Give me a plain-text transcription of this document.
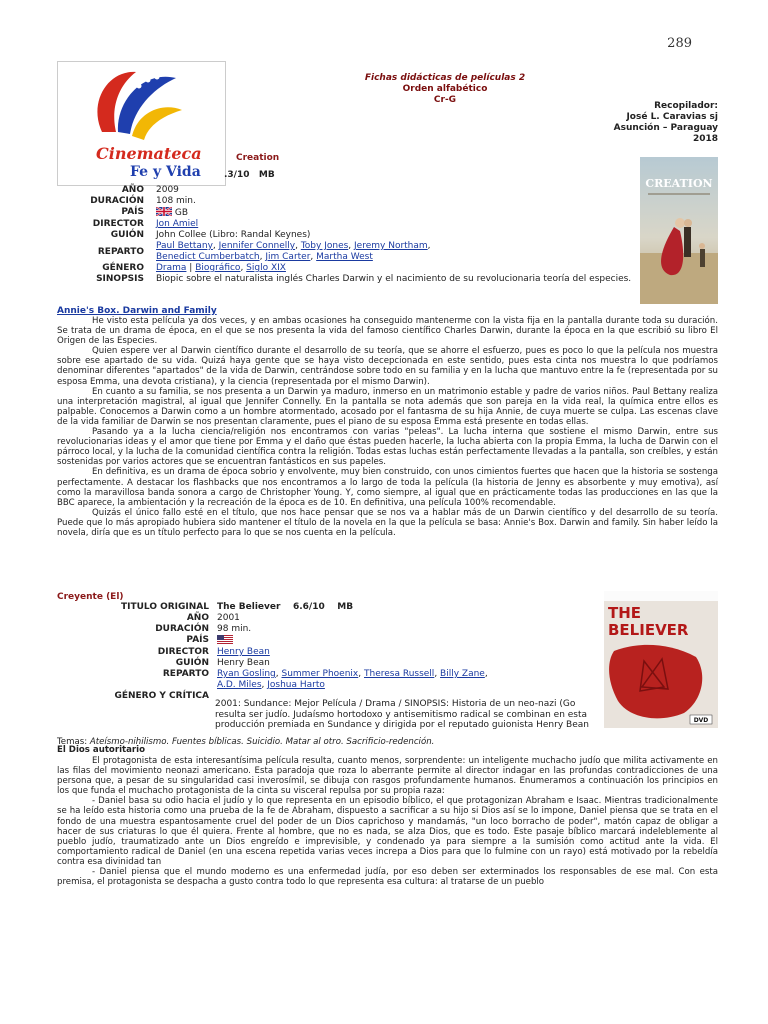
289
Cinemateca
Fe y Vida
Fichas didácticas de películas 2
Orden alfabético
Cr-G
Recopilador:
José L. Caravias sj
Asunción – Paraguay
2018
Creation
.3/10 MB
AÑO	2009
DURACIÓN	108 min.
PAÍS	GB
DIRECTOR	Jon Amiel
GUIÓN	John Collee (Libro: Randal Keynes)
REPARTO	Paul Bettany, Jennifer Connelly, Toby Jones, Jeremy Northam,
Benedict Cumberbatch, Jim Carter, Martha West
GÉNERO	Drama | Biográfico, Siglo XIX
SINOPSIS	Biopic sobre el naturalista inglés Charles Darwin y el nacimiento de su revolucionaria teoría del especies.
CREATION
Annie's Box. Darwin and Family

He visto esta película ya dos veces, y en ambas ocasiones ha conseguido mantenerme con la vista fija en la pantalla durante toda su duración. Se trata de un drama de época, en el que se nos presenta la vida del famoso científico Charles Darwin, durante la época en la que escribió su libro El Origen de las Especies.

Quien espere ver al Darwin científico durante el desarrollo de su teoría, que se ahorre el esfuerzo, pues es poco lo que la película nos muestra sobre ese apartado de su vida. Quizá haya gente que se haya visto decepcionada en este sentido, pues esta cinta nos muestra lo que podríamos denominar diferentes "apartados" de la vida de Darwin, centrándose sobre todo en su familia y en la lucha que mantuvo entre la fe (representada por su esposa Emma, una devota cristiana), y la ciencia (representada por el mismo Darwin).

En cuanto a su familia, se nos presenta a un Darwin ya maduro, inmerso en un matrimonio estable y padre de varios niños. Paul Bettany realiza una interpretación magistral, al igual que Jennifer Connelly. En la pantalla se nota además que son pareja en la vida real, la química entre ellos es palpable. Conocemos a Darwin como a un hombre atormentado, acosado por el fantasma de su hija Annie, de cuya muerte se culpa. Las escenas clave de la vida familiar de Darwin se nos presentan claramente, pues el piano de su esposa Emma está presente en todas ellas.

Pasando ya a la lucha ciencia/religión nos encontramos con varias "peleas". La lucha interna que sostiene el mismo Darwin, entre sus revolucionarias ideas y el amor que tiene por Emma y el daño que éstas pueden hacerle, la lucha abierta con la propia Emma, la lucha de Darwin con el párroco local, y la lucha de la comunidad científica contra la religión. Todas estas luchas están perfectamente llevadas a la pantalla, son creíbles, y están sostenidas por varios actores que se encuentran fantásticos en sus papeles.

En definitiva, es un drama de época sobrio y envolvente, muy bien construido, con unos cimientos fuertes que hacen que la historia se sostenga perfectamente. A destacar los flashbacks que nos encontramos a lo largo de toda la película (la historia de Jenny es absorbente y muy emotiva), así como la maravillosa banda sonora a cargo de Christopher Young. Y, como siempre, al igual que en prácticamente todas las producciones en las que la BBC aparece, la ambientación y la recreación de la época es de 10. En definitiva, una película 100% recomendable.

Quizás el único fallo esté en el título, que nos hace pensar que se nos va a hablar más de un Darwin científico y del desarrollo de su teoría. Puede que lo más apropiado hubiera sido mantener el título de la novela en la que la película se basa: Annie's Box. Darwin and family. Sin haber leído la novela, diría que es un título perfecto para lo que se nos cuenta en la película.

Creyente (El)
TITULO ORIGINAL	The Believer 6.6/10 MB
AÑO	2001
DURACIÓN	98 min.
PAÍS	
DIRECTOR	Henry Bean
GUIÓN	Henry Bean
REPARTO	Ryan Gosling, Summer Phoenix, Theresa Russell, Billy Zane,
A.D. Miles, Joshua Harto
GÉNERO Y CRÍTICA	
2001: Sundance: Mejor Película / Drama / SINOPSIS: Historia de un neo-nazi (Go resulta ser judío. Judaísmo hortodoxo y antisemitismo radical se combinan en esta producción premiada en Sundance y dirigida por el reputado guionista Henry Bean
THE
BELIEVER
DVD
Temas: Ateísmo-nihilismo. Fuentes bíblicas. Suicidio. Matar al otro. Sacrificio-redención.
El Dios autoritario

El protagonista de esta interesantísima película resulta, cuanto menos, sorprendente: un inteligente muchacho judío que milita activamente en las filas del movimiento neonazi americano. Esta paradoja que roza lo aberrante permite al director indagar en las profundas contradicciones de una persona que, a pesar de su singularidad casi inverosímil, se dibuja con rasgos profundamente humanos. Enumeramos a continuación los principios en los que funda el muchacho protagonista de la cinta su visceral repulsa por su propia raza:

- Daniel basa su odio hacia el judío y lo que representa en un episodio bíblico, el que protagonizan Abraham e Isaac. Mientras tradicionalmente se ha leído esta historia como una prueba de la fe de Abraham, dispuesto a sacrificar a su hijo si Dios así se lo impone, Daniel piensa que se trata en el fondo de una muestra espantosamente cruel del poder de un Dios caprichoso y mandamás, "un loco borracho de poder", matón capaz de obligar a hacer de sus criaturas lo que él quiera. Frente al hombre, que no es nada, se alza Dios, que es todo. Este pasaje bíblico marcará indeleblemente al pueblo judío, traumatizado ante un Dios engreído e imprevisible, y condenado ya para siempre a la sumisión como actitud ante la vida. El comportamiento radical de Daniel (en una escena repetida varias veces increpa a Dios para que lo fulmine con un rayo) está motivado por la rebeldía contra esa divinidad tan

- Daniel piensa que el mundo moderno es una enfermedad judía, por eso deben ser exterminados los responsables de ese mal. Con esta premisa, el protagonista se despacha a gusto contra todo lo que representa esa cultura: al tratarse de un pueblo
